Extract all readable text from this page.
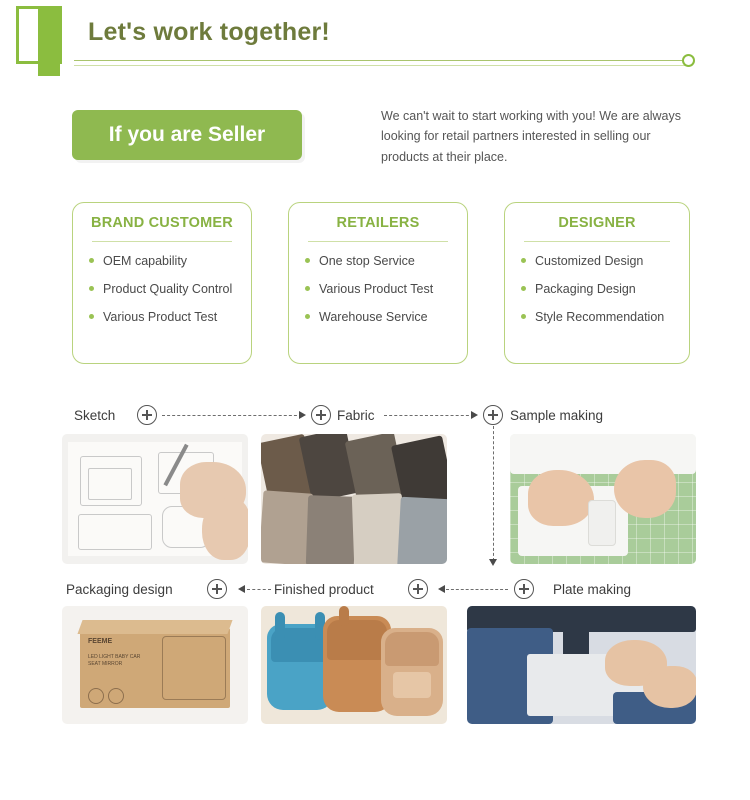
Let's work together!
If you are Seller
We can't wait to start working with you! We are always looking for retail partners interested in selling our products at their place.
BRAND CUSTOMER
OEM capability
Product Quality Control
Various Product Test
RETAILERS
One stop Service
Various Product Test
Warehouse Service
DESIGNER
Customized Design
Packaging Design
Style Recommendation
Sketch	Fabric	Sample making
Packaging design	Finished product	Plate making
FEEME
LED LIGHT BABY CAR SEAT MIRROR
